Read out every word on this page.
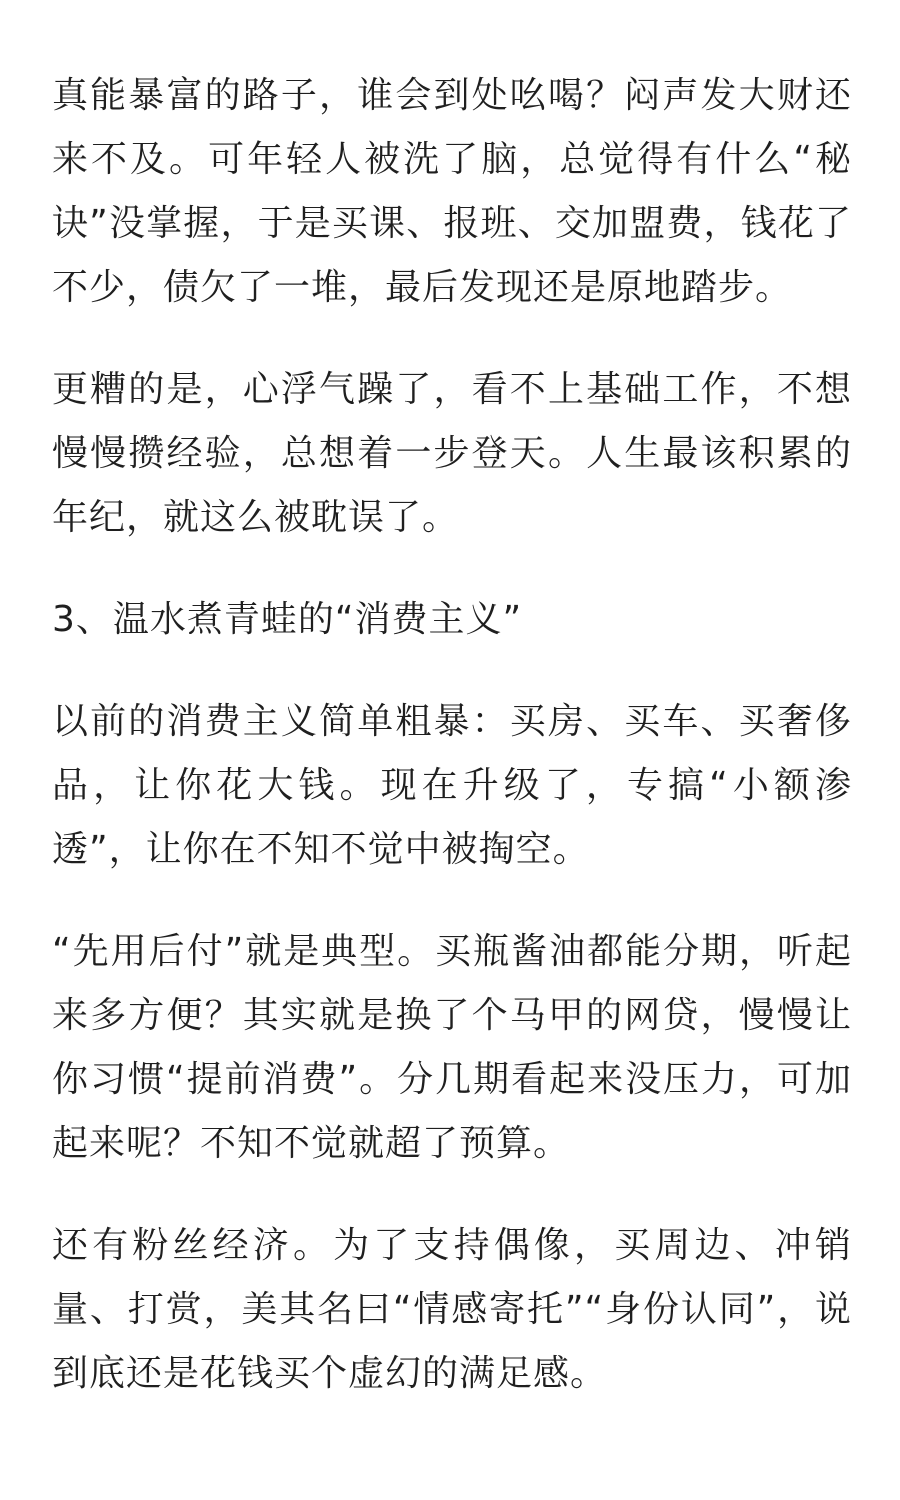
真能暴富的路子，谁会到处吆喝？闷声发大财还来不及。可年轻人被洗了脑，总觉得有什么“秘诀”没掌握，于是买课、报班、交加盟费，钱花了不少，债欠了一堆，最后发现还是原地踏步。

更糟的是，心浮气躁了，看不上基础工作，不想慢慢攒经验，总想着一步登天。人生最该积累的年纪，就这么被耽误了。

3、温水煮青蛙的“消费主义”

以前的消费主义简单粗暴：买房、买车、买奢侈品，让你花大钱。现在升级了，专搞“小额渗透”，让你在不知不觉中被掏空。

“先用后付”就是典型。买瓶酱油都能分期，听起来多方便？其实就是换了个马甲的网贷，慢慢让你习惯“提前消费”。分几期看起来没压力，可加起来呢？不知不觉就超了预算。

还有粉丝经济。为了支持偶像，买周边、冲销量、打赏，美其名曰“情感寄托”“身份认同”，说到底还是花钱买个虚幻的满足感。
